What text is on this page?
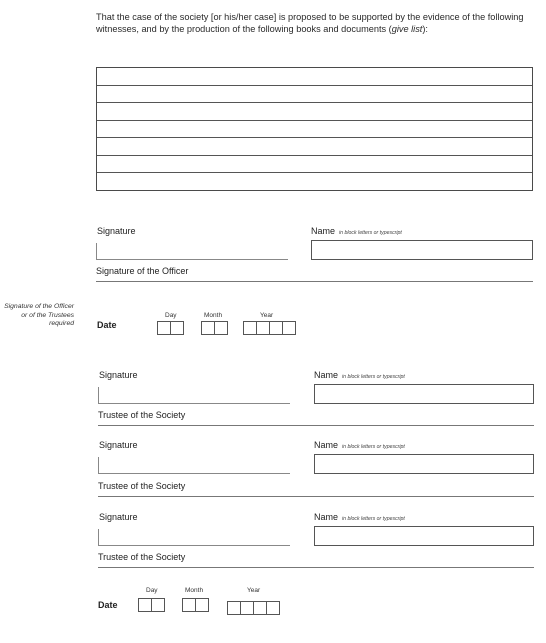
That the case of the society [or his/her case] is proposed to be supported by the evidence of the following witnesses, and by the production of the following books and documents (give list):
Signature	Name in block letters or typescript
Signature of the Officer
Signature of the Officer or of the Trustees required
Day	Month	Year
Date
Signature	Name in block letters or typescript
Trustee of the Society
Signature	Name in block letters or typescript
Trustee of the Society
Signature	Name in block letters or typescript
Trustee of the Society
Day	Month	Year
Date
